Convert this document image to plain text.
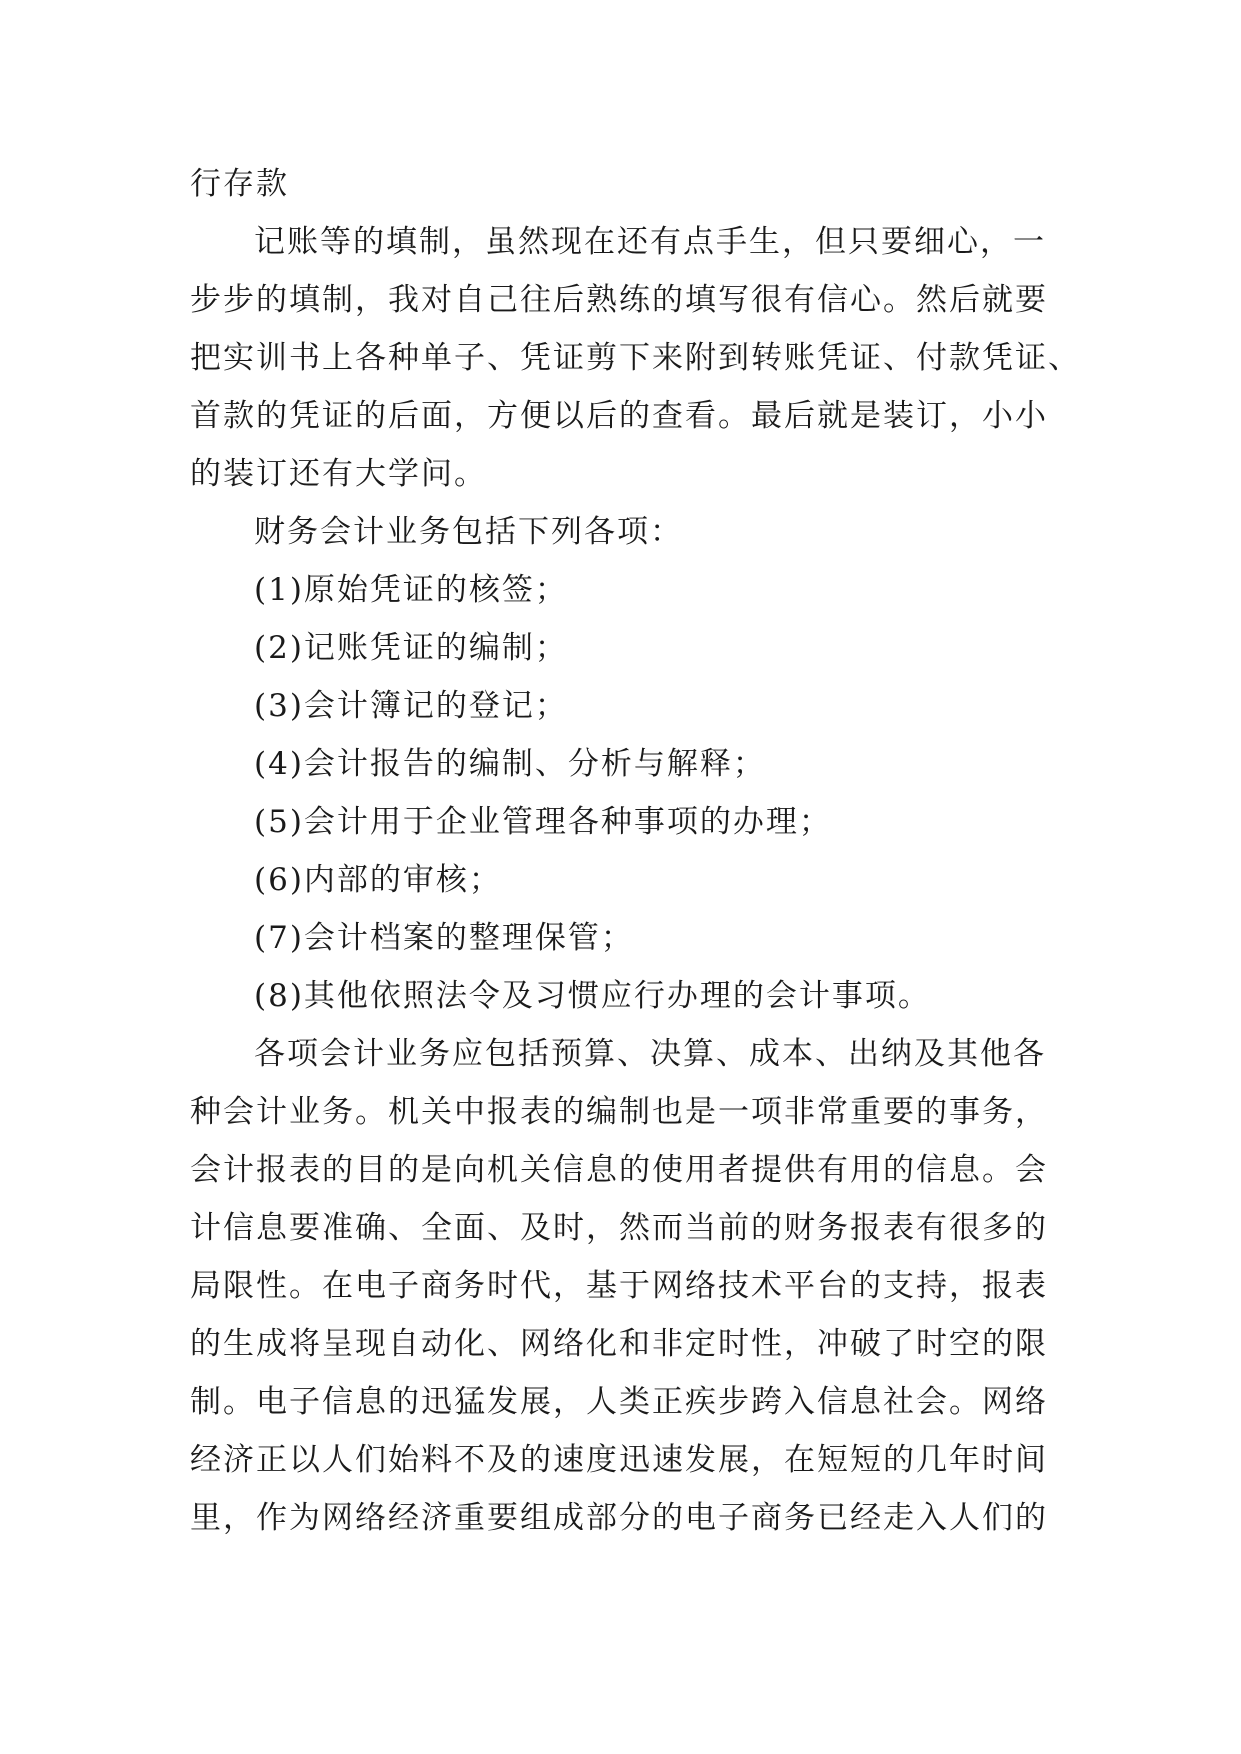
行存款
记账等的填制，虽然现在还有点手生，但只要细心，一
步步的填制，我对自己往后熟练的填写很有信心。然后就要
把实训书上各种单子、凭证剪下来附到转账凭证、付款凭证、
首款的凭证的后面，方便以后的查看。最后就是装订，小小
的装订还有大学问。
财务会计业务包括下列各项：
(1)原始凭证的核签；
(2)记账凭证的编制；
(3)会计簿记的登记；
(4)会计报告的编制、分析与解释；
(5)会计用于企业管理各种事项的办理；
(6)内部的审核；
(7)会计档案的整理保管；
(8)其他依照法令及习惯应行办理的会计事项。
各项会计业务应包括预算、决算、成本、出纳及其他各
种会计业务。机关中报表的编制也是一项非常重要的事务，
会计报表的目的是向机关信息的使用者提供有用的信息。会
计信息要准确、全面、及时，然而当前的财务报表有很多的
局限性。在电子商务时代，基于网络技术平台的支持，报表
的生成将呈现自动化、网络化和非定时性，冲破了时空的限
制。电子信息的迅猛发展，人类正疾步跨入信息社会。网络
经济正以人们始料不及的速度迅速发展，在短短的几年时间
里，作为网络经济重要组成部分的电子商务已经走入人们的
